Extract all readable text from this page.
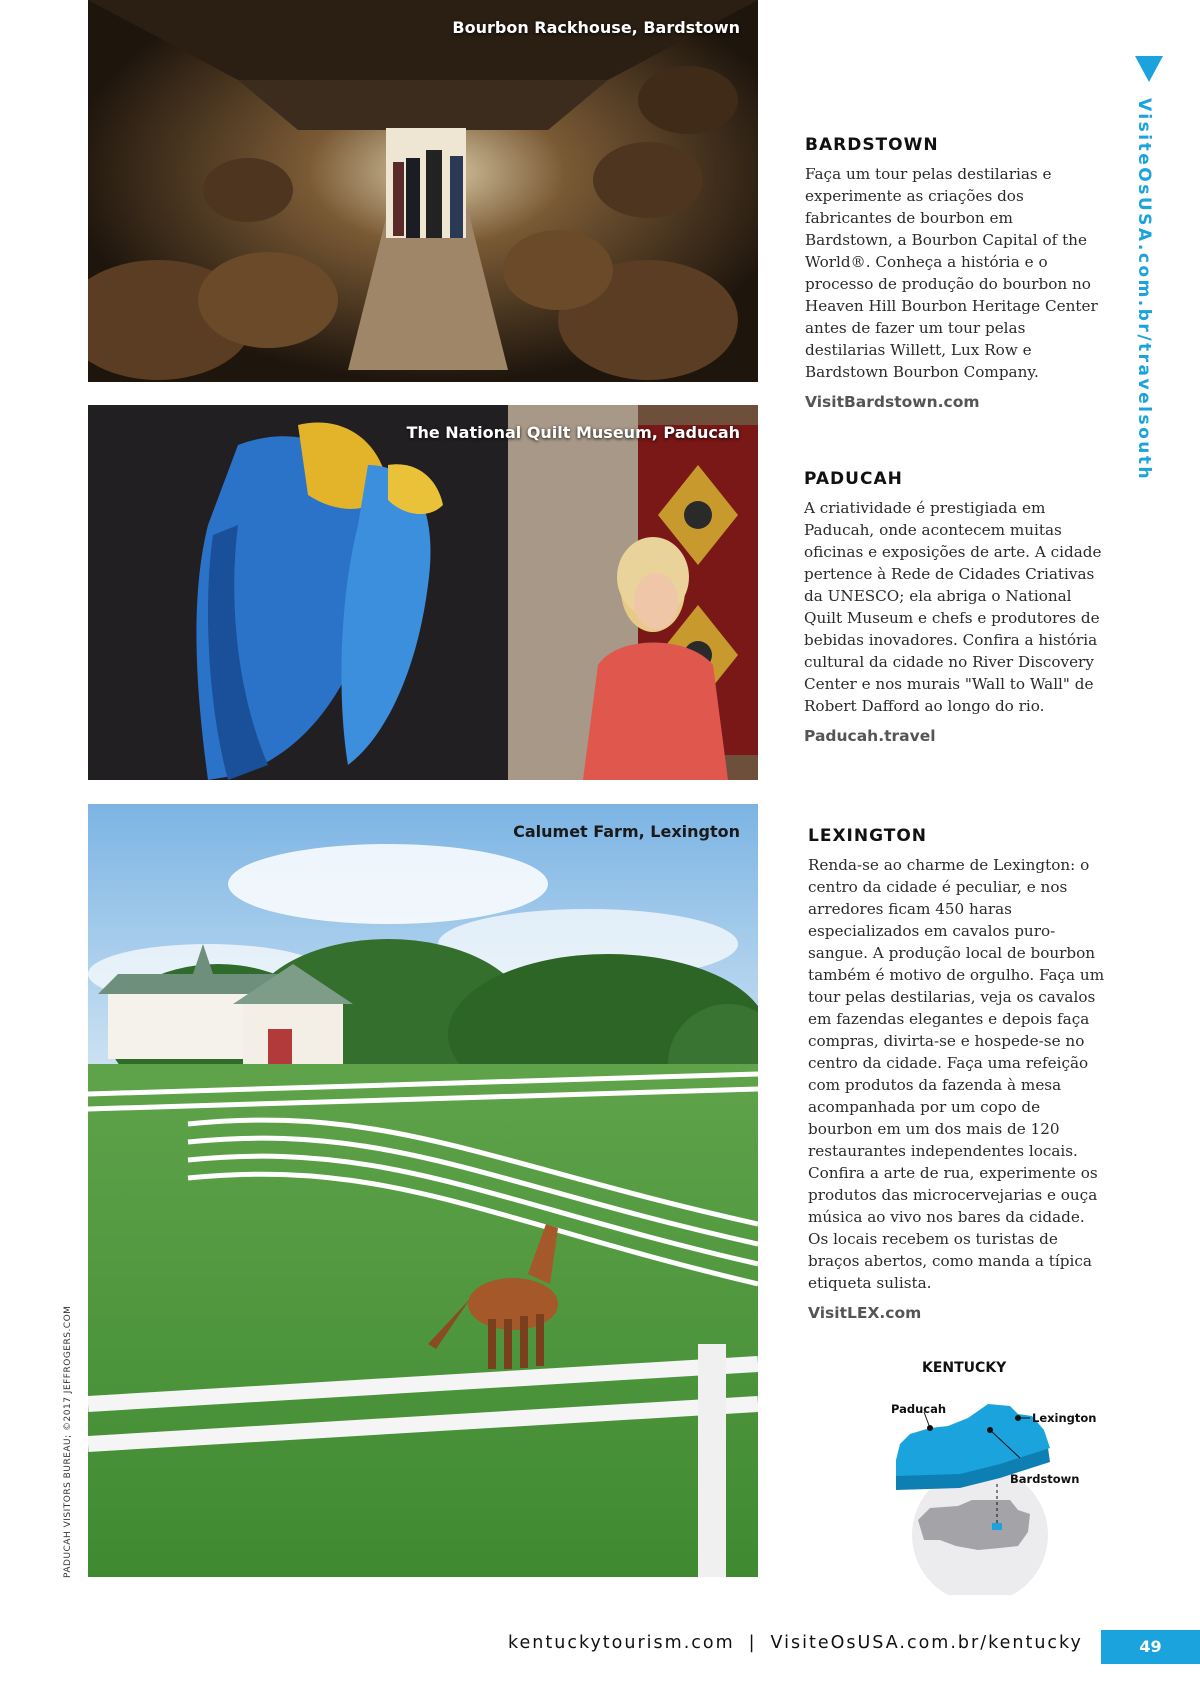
VisiteOsUSA.com.br/travelsouth
Bourbon Rackhouse, Bardstown
The National Quilt Museum, Paducah
Calumet Farm, Lexington
BARDSTOWN

Faça um tour pelas destilarias e experimente as criações dos fabricantes de bourbon em Bardstown, a Bourbon Capital of the World®. Conheça a história e o processo de produção do bourbon no Heaven Hill Bourbon Heritage Center antes de fazer um tour pelas destilarias Willett, Lux Row e Bardstown Bourbon Company.

VisitBardstown.com
PADUCAH

A criatividade é prestigiada em Paducah, onde acontecem muitas oficinas e exposições de arte. A cidade pertence à Rede de Cidades Criativas da UNESCO; ela abriga o National Quilt Museum e chefs e produtores de bebidas inovadores. Confira a história cultural da cidade no River Discovery Center e nos murais "Wall to Wall" de Robert Dafford ao longo do rio.

Paducah.travel
LEXINGTON

Renda-se ao charme de Lexington: o centro da cidade é peculiar, e nos arredores ficam 450 haras especializados em cavalos puro-sangue. A produção local de bourbon também é motivo de orgulho. Faça um tour pelas destilarias, veja os cavalos em fazendas elegantes e depois faça compras, divirta-se e hospede-se no centro da cidade. Faça uma refeição com produtos da fazenda à mesa acompanhada por um copo de bourbon em um dos mais de 120 restaurantes independentes locais. Confira a arte de rua, experimente os produtos das microcervejarias e ouça música ao vivo nos bares da cidade. Os locais recebem os turistas de braços abertos, como manda a típica etiqueta sulista.

VisitLEX.com
PADUCAH VISITORS BUREAU; ©2017 JEFFROGERS.COM	KENTUCKY
Paducah
Lexington
Bardstown
kentuckytourism.com | VisiteOsUSA.com.br/kentucky	49
